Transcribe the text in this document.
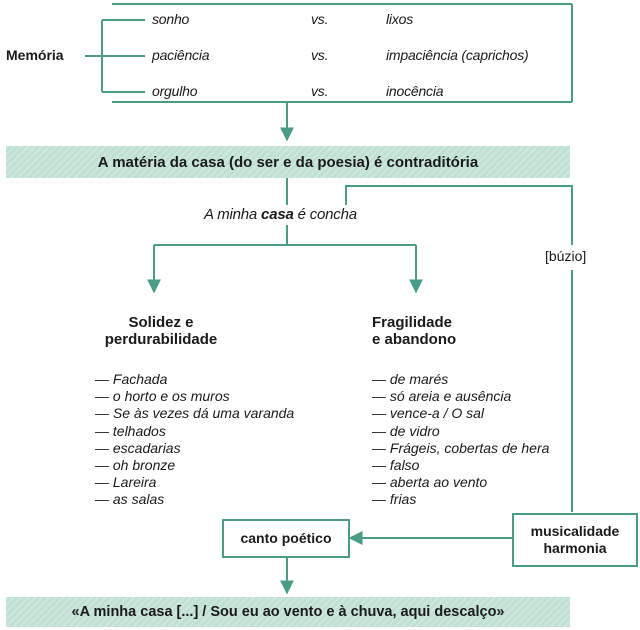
Memória
sonho	vs.	lixos
paciência	vs.	impaciência (caprichos)
orgulho	vs.	inocência
A matéria da casa (do ser e da poesia) é contraditória
A minha casa é concha
[búzio]
Solidez e
perdurabilidade
— Fachada
— o horto e os muros
— Se às vezes dá uma varanda
— telhados
— escadarias
— oh bronze
— Lareira
— as salas
Fragilidade
e abandono
— de marés
— só areia e ausência
— vence-a / O sal
— de vidro
— Frágeis, cobertas de hera
— falso
— aberta ao vento
— frias
canto poético	musicalidade
harmonia
«A minha casa [...] / Sou eu ao vento e à chuva, aqui descalço»
